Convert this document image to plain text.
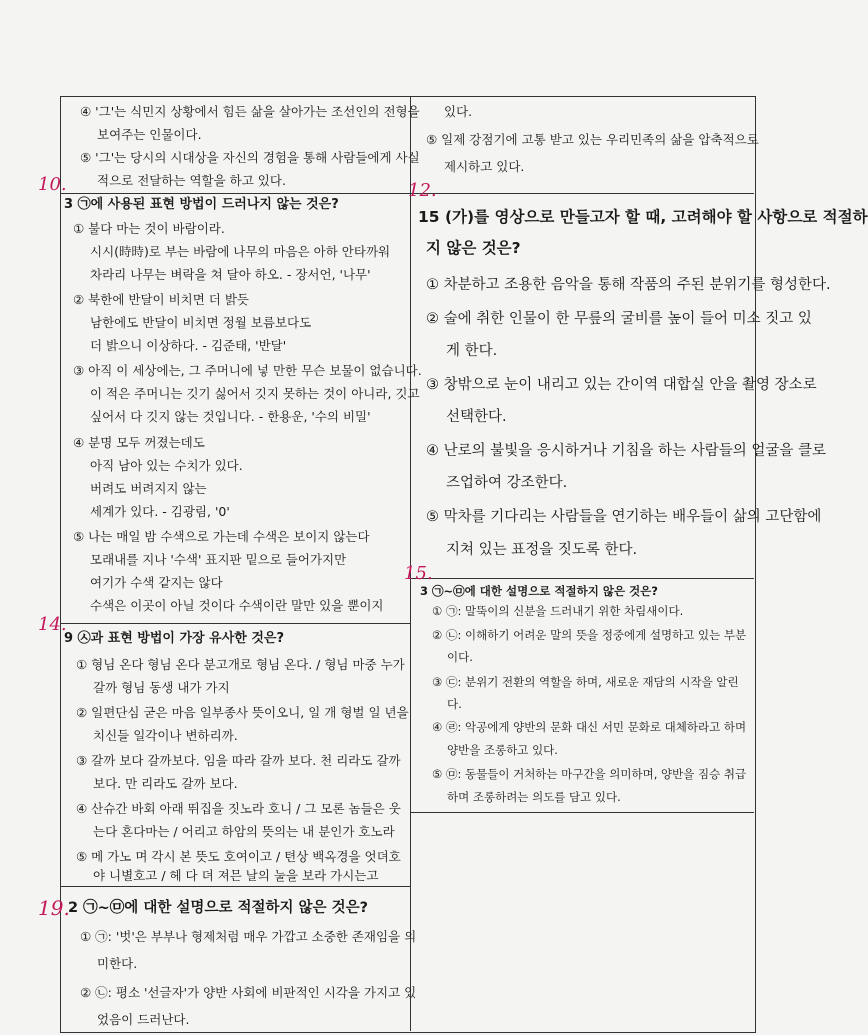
④ '그'는 식민지 상황에서 힘든 삶을 살아가는 조선인의 전형을
보여주는 인물이다.
⑤ '그'는 당시의 시대상을 자신의 경험을 통해 사람들에게 사실
적으로 전달하는 역할을 하고 있다.
10.
3 ㉠에 사용된 표현 방법이 드러나지 않는 것은?
① 불다 마는 것이 바람이라.
시시(時時)로 부는 바람에 나무의 마음은 아하 안타까워
차라리 나무는 벼락을 쳐 달아 하오. - 장서언, '나무'
② 북한에 반달이 비치면 더 밝듯
남한에도 반달이 비치면 정월 보름보다도
더 밝으니 이상하다. - 김준태, '반달'
③ 아직 이 세상에는, 그 주머니에 넣 만한 무슨 보물이 없습니다.
이 적은 주머니는 깃기 싫어서 깃지 못하는 것이 아니라, 깃고
싶어서 다 깃지 않는 것입니다. - 한용운, '수의 비밀'
④ 분명 모두 꺼졌는데도
아직 남아 있는 수치가 있다.
버려도 버려지지 않는
세계가 있다. - 김광림, '0'
⑤ 나는 매일 밤 수색으로 가는데 수색은 보이지 않는다
모래내를 지나 '수색' 표지판 밑으로 들어가지만
여기가 수색 같지는 않다
수색은 이곳이 아닐 것이다 수색이란 말만 있을 뿐이지
14.
9 ㉦과 표현 방법이 가장 유사한 것은?
① 형님 온다 형님 온다 분고개로 형님 온다. / 형님 마중 누가
갈까 형님 동생 내가 가지
② 일편단심 굳은 마음 일부종사 뜻이오니, 일 개 형벌 일 년을
치신들 일각이나 변하리까.
③ 갈까 보다 갈까보다. 임을 따라 갈까 보다. 천 리라도 갈까
보다. 만 리라도 갈까 보다.
④ 산슈간 바회 아래 뛰집을 짓노라 호니 / 그 모론 놈들은 웃
는다 혼다마는 / 어리고 하암의 뜻의는 내 분인가 호노라
⑤ 메 가노 며 각시 본 뜻도 호여이고 / 텬상 백옥경을 엇뎌호
야 니별호고 / 헤 다 뎌 져믄 날의 눌을 보라 가시는고
19.
2 ㉠~㉤에 대한 설명으로 적절하지 않은 것은?
① ㉠: '벗'은 부부나 형제처럼 매우 가깝고 소중한 존재임을 의
미한다.
② ㉡: 평소 '선글자'가 양반 사회에 비판적인 시각을 가지고 있
었음이 드러난다.
있다.
⑤ 일제 강점기에 고통 받고 있는 우리민족의 삶을 압축적으로
제시하고 있다.
12.
15 (가)를 영상으로 만들고자 할 때, 고려해야 할 사항으로 적절하
지 않은 것은?
① 차분하고 조용한 음악을 통해 작품의 주된 분위기를 형성한다.
② 술에 취한 인물이 한 무릎의 굴비를 높이 들어 미소 짓고 있
게 한다.
③ 창밖으로 눈이 내리고 있는 간이역 대합실 안을 촬영 장소로
선택한다.
④ 난로의 불빛을 응시하거나 기침을 하는 사람들의 얼굴을 클로
즈업하여 강조한다.
⑤ 막차를 기다리는 사람들을 연기하는 배우들이 삶의 고단함에
지쳐 있는 표정을 짓도록 한다.
15.
3 ㉠~㉤에 대한 설명으로 적절하지 않은 것은?
① ㉠: 말뚝이의 신분을 드러내기 위한 차림새이다.
② ㉡: 이해하기 어려운 말의 뜻을 정중에게 설명하고 있는 부분
이다.
③ ㉢: 분위기 전환의 역할을 하며, 새로운 재담의 시작을 알린
다.
④ ㉣: 악공에게 양반의 문화 대신 서민 문화로 대체하라고 하며
양반을 조롱하고 있다.
⑤ ㉤: 동물들이 거처하는 마구간을 의미하며, 양반을 짐승 취급
하며 조롱하려는 의도를 담고 있다.
